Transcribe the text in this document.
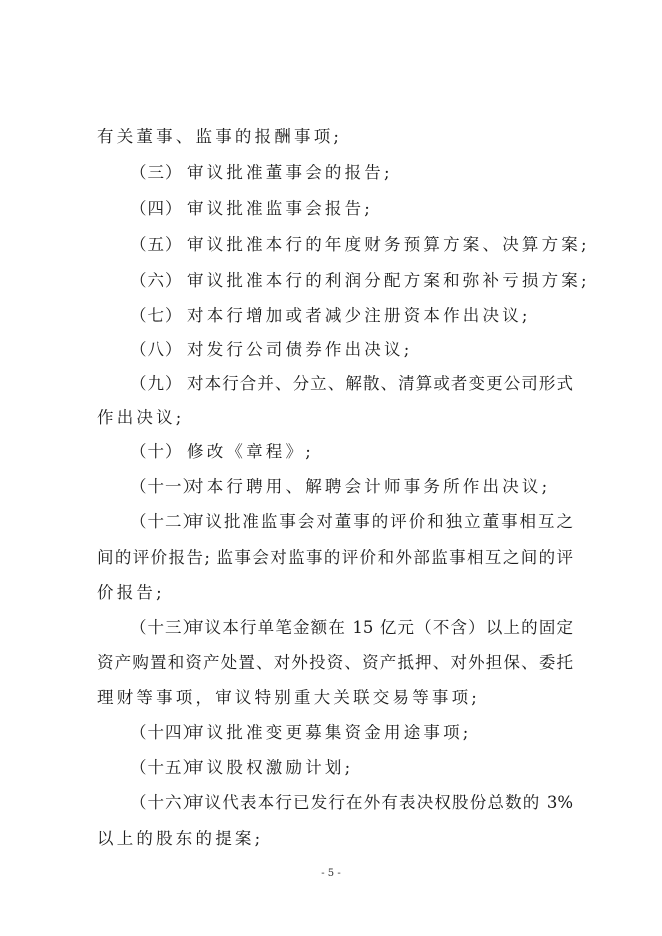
有关董事、监事的报酬事项;
（三） 审议批准董事会的报告;
（四） 审议批准监事会报告;
（五） 审议批准本行的年度财务预算方案、决算方案;
（六） 审议批准本行的利润分配方案和弥补亏损方案;
（七） 对本行增加或者减少注册资本作出决议;
（八） 对发行公司债券作出决议;
（九） 对本行合并、分立、解散、清算或者变更公司形式
作出决议;
（十） 修改《章程》;
（十一）对本行聘用、解聘会计师事务所作出决议;
（十二）
审议批准监事会对董事的评价和独立董事相互之
间的评价报告; 监事会对监事的评价和外部监事相互之间的评
价报告;
（十三）
审议本行单笔金额在 15 亿元（不含）以上的固定
资产购置和资产处置、对外投资、资产抵押、对外担保、委托
理财等事项，审议特别重大关联交易等事项;
（十四）审议批准变更募集资金用途事项;
（十五）审议股权激励计划;
（十六）
审议代表本行已发行在外有表决权股份总数的 3%
以上的股东的提案;
- 5 -
